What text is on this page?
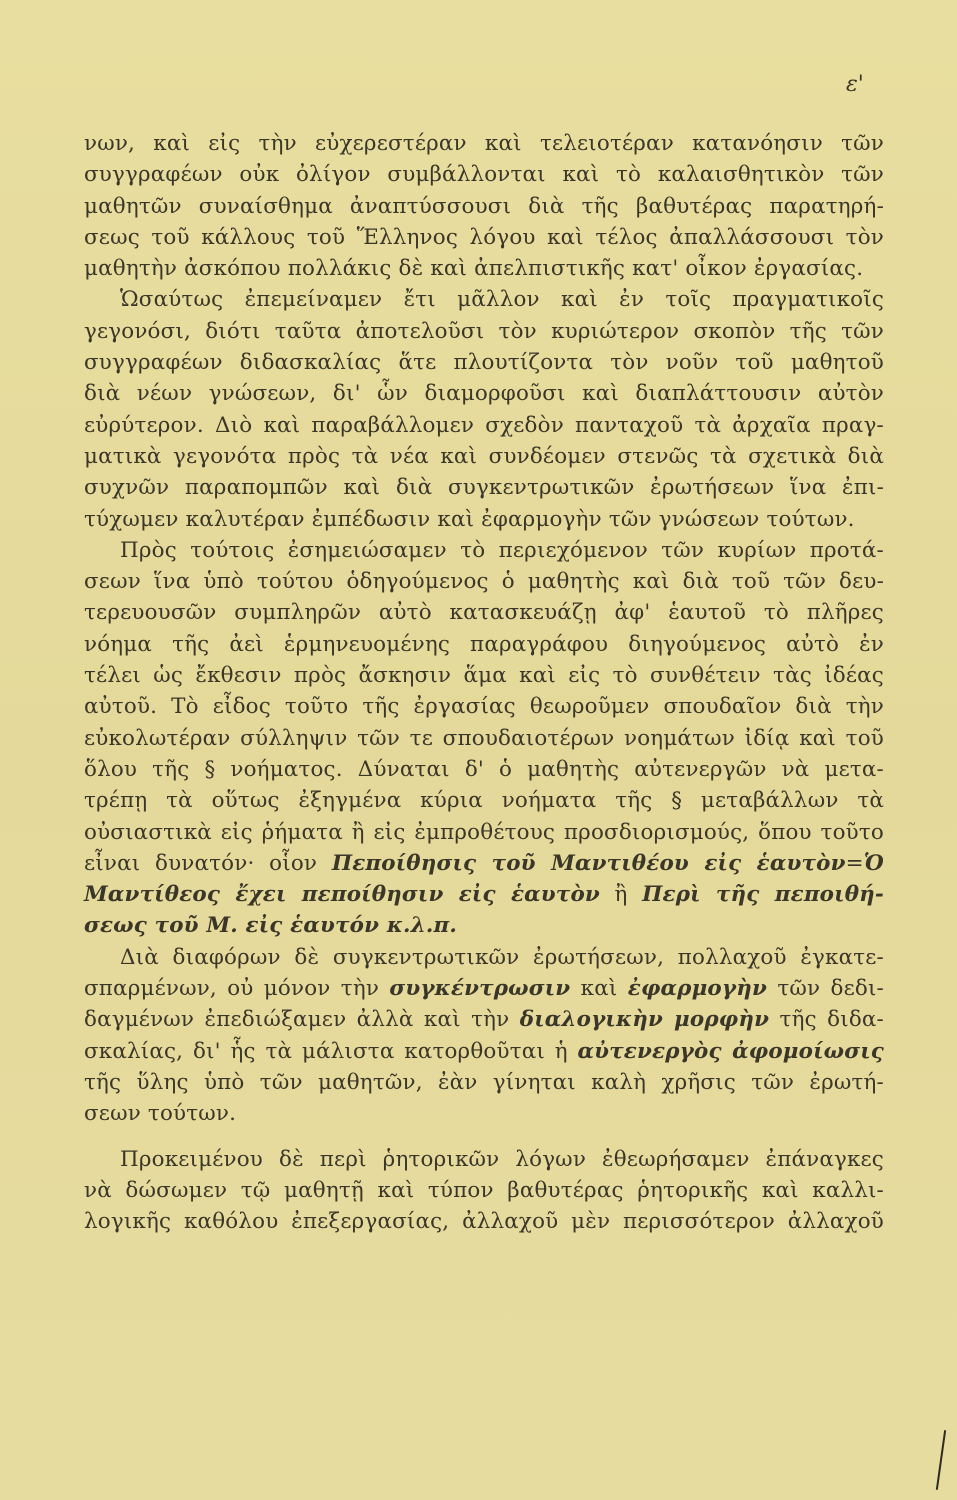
ε'
νων, καὶ εἰς τὴν εὐχερεστέραν καὶ τελειοτέραν κατανόησιν τῶν
συγγραφέων οὐκ ὀλίγον συμβάλλονται καὶ τὸ καλαισθητικὸν τῶν
μαθητῶν συναίσθημα ἀναπτύσσουσι διὰ τῆς βαθυτέρας παρατηρή-
σεως τοῦ κάλλους τοῦ Ἕλληνος λόγου καὶ τέλος ἀπαλλάσσουσι τὸν
μαθητὴν ἀσκόπου πολλάκις δὲ καὶ ἀπελπιστικῆς κατ' οἶκον ἐργασίας.
Ὡσαύτως ἐπεμείναμεν ἔτι μᾶλλον καὶ ἐν τοῖς πραγματικοῖς
γεγονόσι, διότι ταῦτα ἀποτελοῦσι τὸν κυριώτερον σκοπὸν τῆς τῶν
συγγραφέων διδασκαλίας ἅτε πλουτίζοντα τὸν νοῦν τοῦ μαθητοῦ
διὰ νέων γνώσεων, δι' ὧν διαμορφοῦσι καὶ διαπλάττουσιν αὐτὸν
εὐρύτερον. Διὸ καὶ παραβάλλομεν σχεδὸν πανταχοῦ τὰ ἀρχαῖα πραγ-
ματικὰ γεγονότα πρὸς τὰ νέα καὶ συνδέομεν στενῶς τὰ σχετικὰ διὰ
συχνῶν παραπομπῶν καὶ διὰ συγκεντρωτικῶν ἐρωτήσεων ἵνα ἐπι-
τύχωμεν καλυτέραν ἐμπέδωσιν καὶ ἐφαρμογὴν τῶν γνώσεων τούτων.
Πρὸς τούτοις ἐσημειώσαμεν τὸ περιεχόμενον τῶν κυρίων προτά-
σεων ἵνα ὑπὸ τούτου ὁδηγούμενος ὁ μαθητὴς καὶ διὰ τοῦ τῶν δευ-
τερευουσῶν συμπληρῶν αὐτὸ κατασκευάζῃ ἀφ' ἑαυτοῦ τὸ πλῆρες
νόημα τῆς ἀεὶ ἑρμηνευομένης παραγράφου διηγούμενος αὐτὸ ἐν
τέλει ὡς ἔκθεσιν πρὸς ἄσκησιν ἅμα καὶ εἰς τὸ συνθέτειν τὰς ἰδέας
αὐτοῦ. Τὸ εἶδος τοῦτο τῆς ἐργασίας θεωροῦμεν σπουδαῖον διὰ τὴν
εὐκολωτέραν σύλληψιν τῶν τε σπουδαιοτέρων νοημάτων ἰδίᾳ καὶ τοῦ
ὅλου τῆς § νοήματος. Δύναται δ' ὁ μαθητὴς αὐτενεργῶν νὰ μετα-
τρέπῃ τὰ οὕτως ἐξηγμένα κύρια νοήματα τῆς § μεταβάλλων τὰ
οὐσιαστικὰ εἰς ῥήματα ἢ εἰς ἐμπροθέτους προσδιορισμούς, ὅπου τοῦτο
εἶναι δυνατόν· οἷον Πεποίθησις τοῦ Μαντιθέου εἰς ἑαυτὸν=Ὁ
Μαντίθεος ἔχει πεποίθησιν εἰς ἑαυτὸν ἢ Περὶ τῆς πεποιθή-
σεως τοῦ Μ. εἰς ἑαυτόν κ.λ.π.
Διὰ διαφόρων δὲ συγκεντρωτικῶν ἐρωτήσεων, πολλαχοῦ ἐγκατε-
σπαρμένων, οὐ μόνον τὴν συγκέντρωσιν καὶ ἐφαρμογὴν τῶν δεδι-
δαγμένων ἐπεδιώξαμεν ἀλλὰ καὶ τὴν διαλογικὴν μορφὴν τῆς διδα-
σκαλίας, δι' ἧς τὰ μάλιστα κατορθοῦται ἡ αὐτενεργὸς ἀφομοίωσις
τῆς ὕλης ὑπὸ τῶν μαθητῶν, ἐὰν γίνηται καλὴ χρῆσις τῶν ἐρωτή-
σεων τούτων.
Προκειμένου δὲ περὶ ῥητορικῶν λόγων ἐθεωρήσαμεν ἐπάναγκες
νὰ δώσωμεν τῷ μαθητῇ καὶ τύπον βαθυτέρας ῥητορικῆς καὶ καλλι-
λογικῆς καθόλου ἐπεξεργασίας, ἀλλαχοῦ μὲν περισσότερον ἀλλαχοῦ
